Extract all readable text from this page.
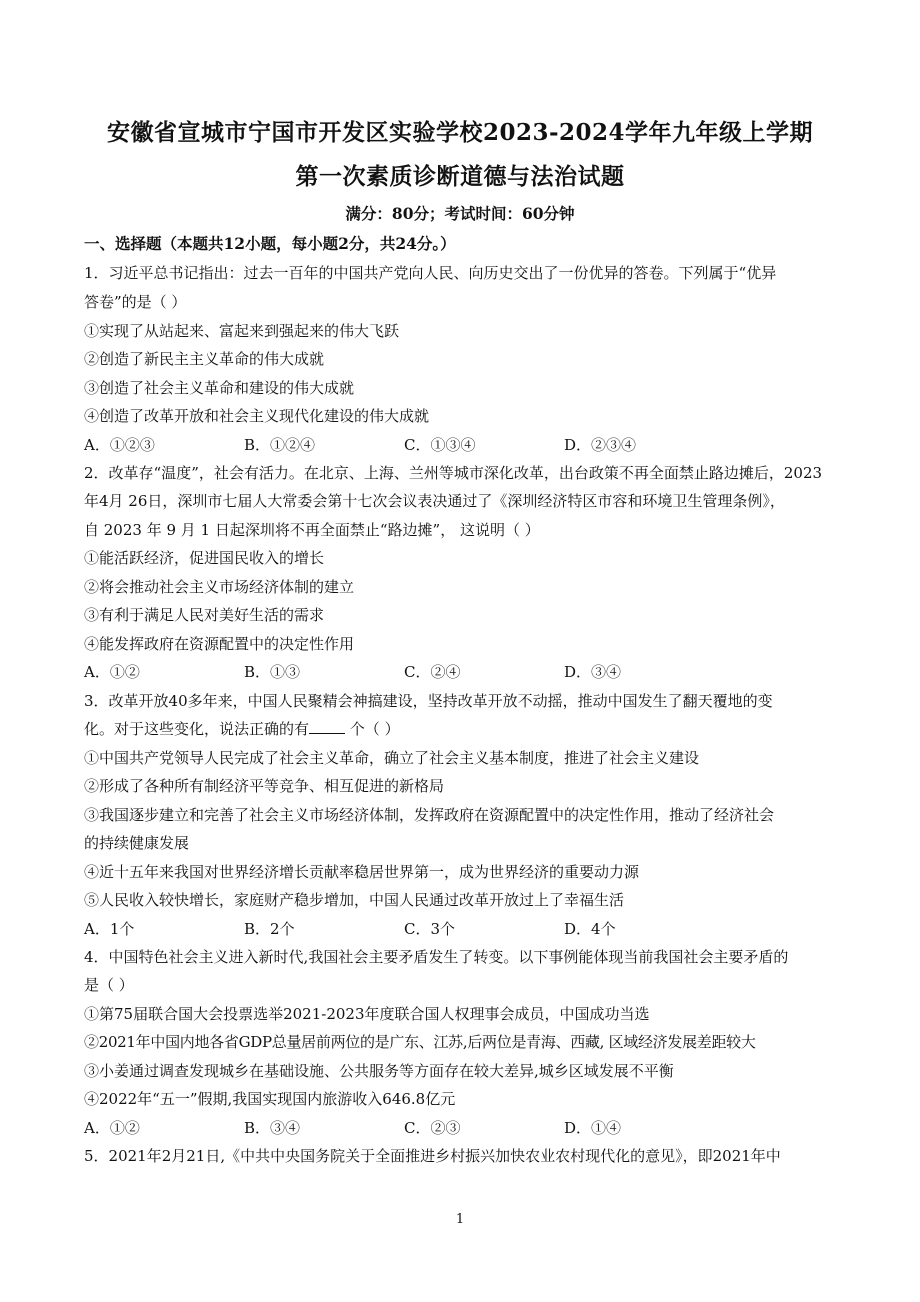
安徽省宣城市宁国市开发区实验学校2023-2024学年九年级上学期
第一次素质诊断道德与法治试题
满分：80分；考试时间：60分钟
一、选择题（本题共12小题，每小题2分，共24分。）
1．习近平总书记指出：过去一百年的中国共产党向人民、向历史交出了一份优异的答卷。下列属于“优异
答卷”的是（ ）
①实现了从站起来、富起来到强起来的伟大飞跃
②创造了新民主主义革命的伟大成就
③创造了社会主义革命和建设的伟大成就
④创造了改革开放和社会主义现代化建设的伟大成就
A．①②③	B．①②④	C．①③④	D．②③④
2．改革存“温度”，社会有活力。在北京、上海、兰州等城市深化改革，出台政策不再全面禁止路边摊后，2023
年4月 26日，深圳市七届人大常委会第十七次会议表决通过了《深圳经济特区市容和环境卫生管理条例》，
自 2023 年 9 月 1 日起深圳将不再全面禁止“路边摊”， 这说明（ ）
①能活跃经济，促进国民收入的增长
②将会推动社会主义市场经济体制的建立
③有利于满足人民对美好生活的需求
④能发挥政府在资源配置中的决定性作用
A．①②	B．①③	C．②④	D．③④
3．改革开放40多年来，中国人民聚精会神搞建设，坚持改革开放不动摇，推动中国发生了翻天覆地的变
化。对于这些变化，说法正确的有	个（ ）
①中国共产党领导人民完成了社会主义革命，确立了社会主义基本制度，推进了社会主义建设
②形成了各种所有制经济平等竞争、相互促进的新格局
③我国逐步建立和完善了社会主义市场经济体制，发挥政府在资源配置中的决定性作用，推动了经济社会
的持续健康发展
④近十五年来我国对世界经济增长贡献率稳居世界第一，成为世界经济的重要动力源
⑤人民收入较快增长，家庭财产稳步增加，中国人民通过改革开放过上了幸福生活
A．1个	B．2个	C．3个	D．4个
4．中国特色社会主义进入新时代,我国社会主要矛盾发生了转变。以下事例能体现当前我国社会主要矛盾的
是（ ）
①第75届联合国大会投票选举2021-2023年度联合国人权理事会成员，中国成功当选
②2021年中国内地各省GDP总量居前两位的是广东、江苏,后两位是青海、西藏, 区域经济发展差距较大
③小姜通过调查发现城乡在基础设施、公共服务等方面存在较大差异,城乡区域发展不平衡
④2022年“五一”假期,我国实现国内旅游收入646.8亿元
A．①②	B．③④	C．②③	D．①④
5．2021年2月21日,《中共中央国务院关于全面推进乡村振兴加快农业农村现代化的意见》，即2021年中
1
